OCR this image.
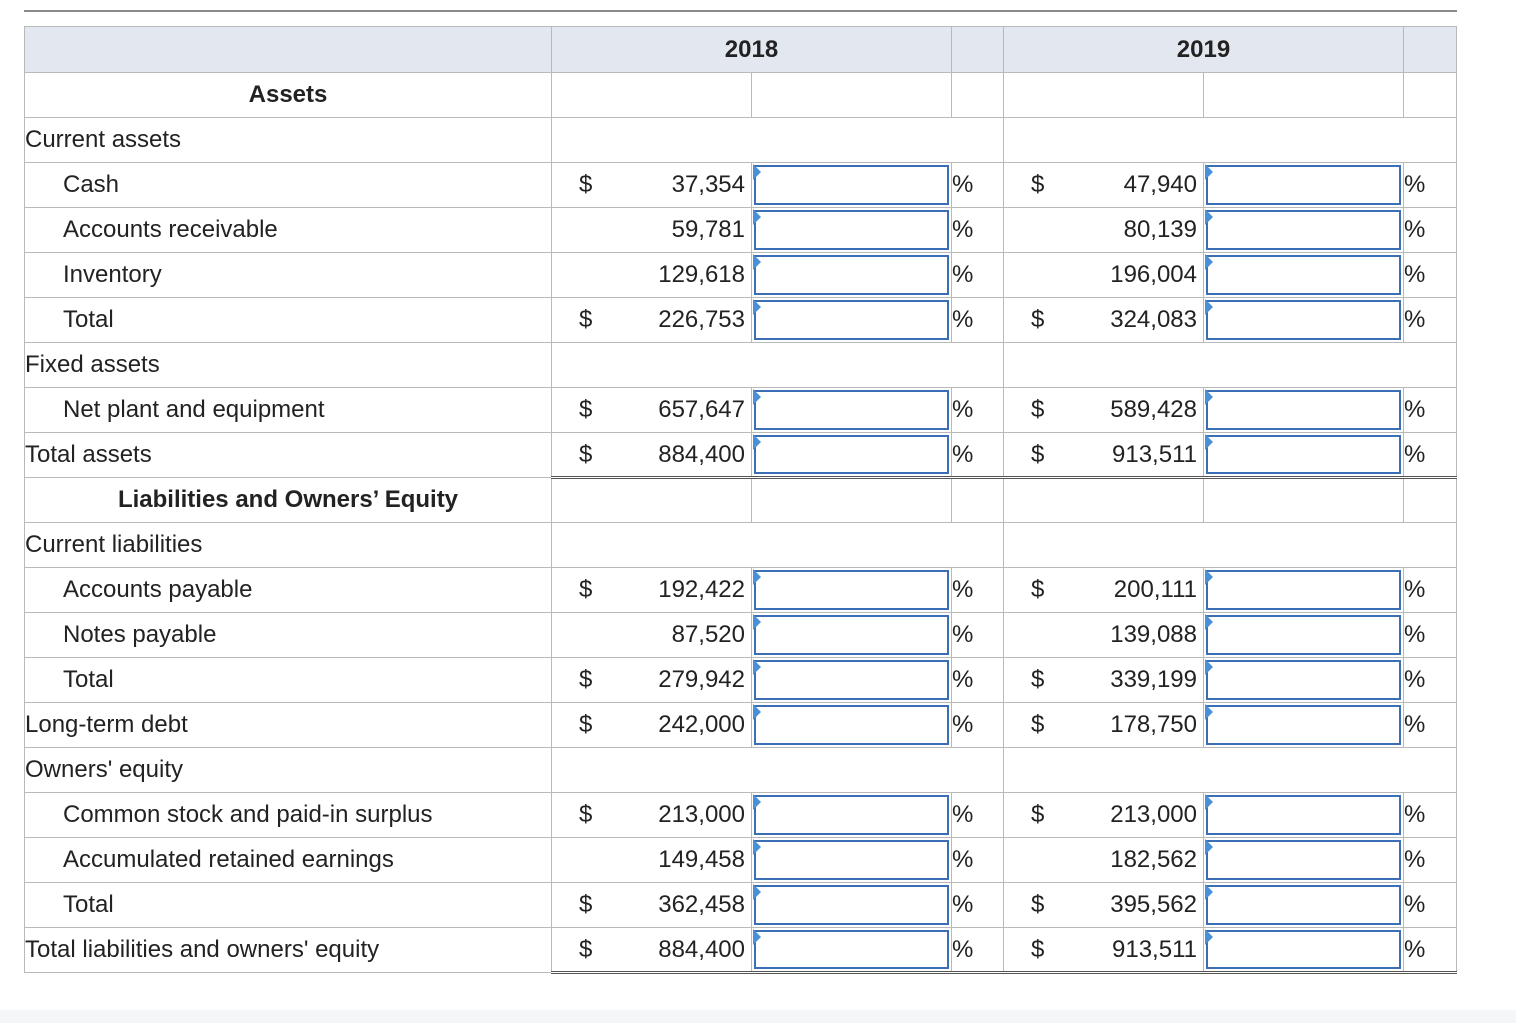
	2018			2019		
Assets						
Current assets						
Cash	$ 37,354		%	$ 47,940		%
Accounts receivable	59,781		%	80,139		%
Inventory	129,618		%	196,004		%
Total	$ 226,753		%	$ 324,083		%
Fixed assets						
Net plant and equipment	$ 657,647		%	$ 589,428		%
Total assets	$ 884,400		%	$ 913,511		%
Liabilities and Owners’ Equity						
Current liabilities						
Accounts payable	$ 192,422		%	$ 200,111		%
Notes payable	87,520		%	139,088		%
Total	$ 279,942		%	$ 339,199		%
Long-term debt	$ 242,000		%	$ 178,750		%
Owners' equity						
Common stock and paid-in surplus	$ 213,000		%	$ 213,000		%
Accumulated retained earnings	149,458		%	182,562		%
Total	$ 362,458		%	$ 395,562		%
Total liabilities and owners' equity	$ 884,400		%	$ 913,511		%
